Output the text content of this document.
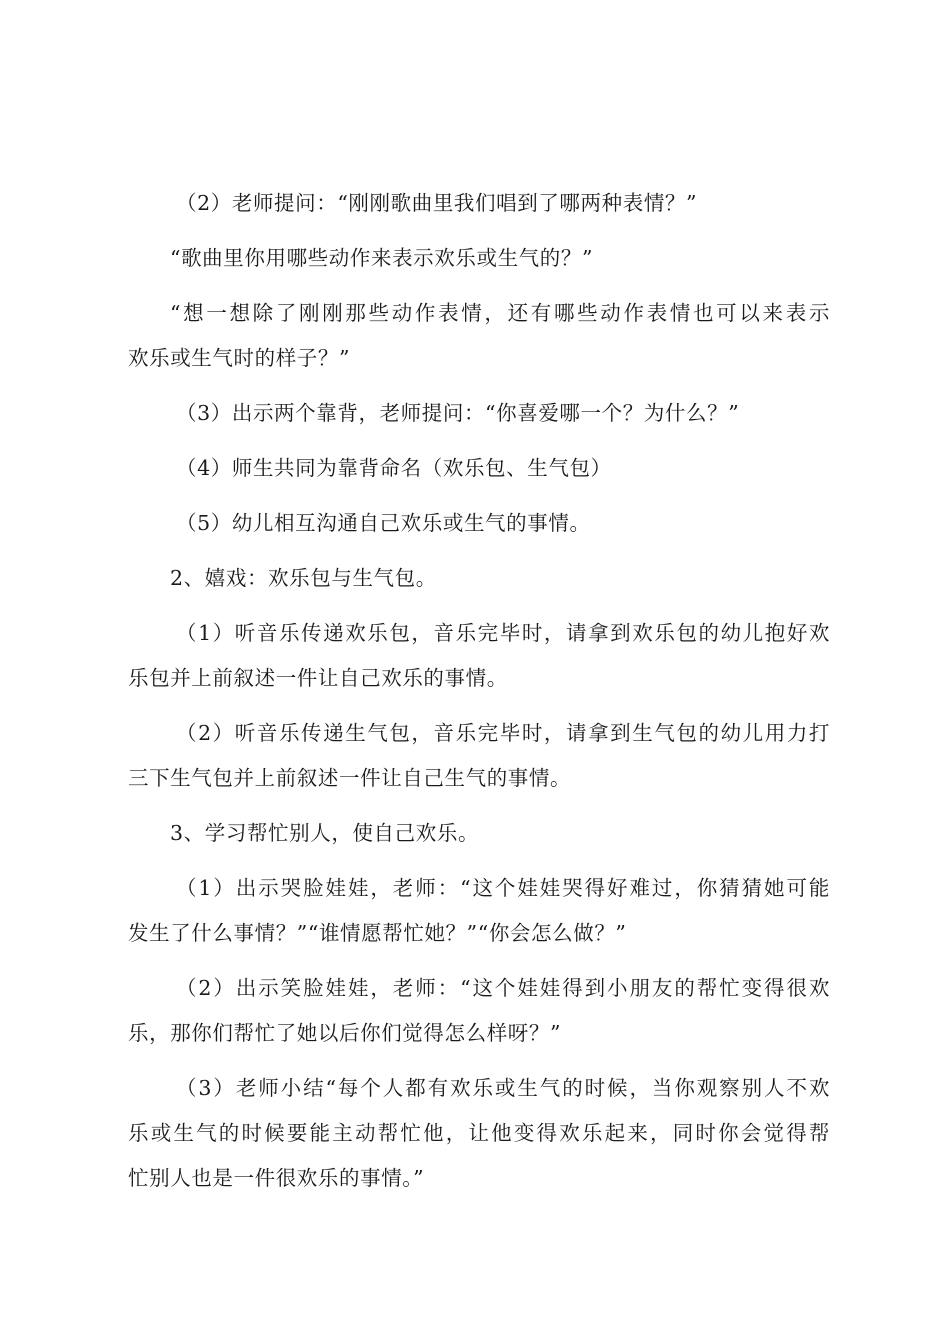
（2）老师提问：“刚刚歌曲里我们唱到了哪两种表情？”
“歌曲里你用哪些动作来表示欢乐或生气的？”
“想一想除了刚刚那些动作表情，还有哪些动作表情也可以来表示
欢乐或生气时的样子？”
（3）出示两个靠背，老师提问：“你喜爱哪一个？为什么？”
（4）师生共同为靠背命名（欢乐包、生气包）
（5）幼儿相互沟通自己欢乐或生气的事情。
2、嬉戏：欢乐包与生气包。
（1）听音乐传递欢乐包，音乐完毕时，请拿到欢乐包的幼儿抱好欢
乐包并上前叙述一件让自己欢乐的事情。
（2）听音乐传递生气包，音乐完毕时，请拿到生气包的幼儿用力打
三下生气包并上前叙述一件让自己生气的事情。
3、学习帮忙别人，使自己欢乐。
（1）出示哭脸娃娃，老师：“这个娃娃哭得好难过，你猜猜她可能
发生了什么事情？”“谁情愿帮忙她？”“你会怎么做？”
（2）出示笑脸娃娃，老师：“这个娃娃得到小朋友的帮忙变得很欢
乐，那你们帮忙了她以后你们觉得怎么样呀？”
（3）老师小结“每个人都有欢乐或生气的时候，当你观察别人不欢
乐或生气的时候要能主动帮忙他，让他变得欢乐起来，同时你会觉得帮
忙别人也是一件很欢乐的事情。”
